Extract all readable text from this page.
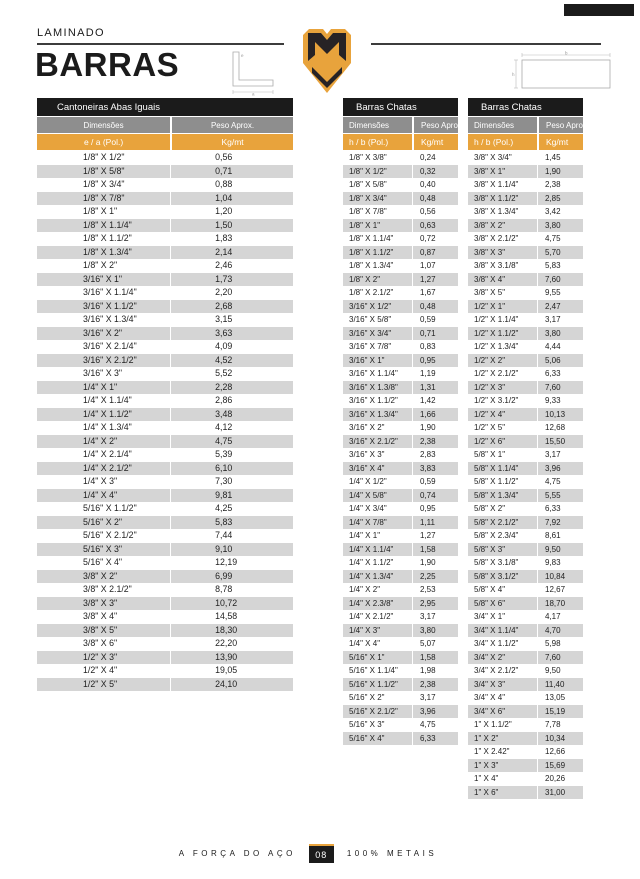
LAMINADO
BARRAS	e
a
b
h
Cantoneiras Abas Iguais
Dimensões	Peso Aprox.
e / a (Pol.)	Kg/mt
1/8" X 1/2"	0,56
1/8" X 5/8"	0,71
1/8" X 3/4"	0,88
1/8" X 7/8"	1,04
1/8" X 1"	1,20
1/8" X 1.1/4"	1,50
1/8" X 1.1/2"	1,83
1/8" X 1.3/4"	2,14
1/8" X 2"	2,46
3/16" X 1"	1,73
3/16" X 1.1/4"	2,20
3/16" X 1.1/2"	2,68
3/16" X 1.3/4"	3,15
3/16" X 2"	3,63
3/16" X 2.1/4"	4,09
3/16" X 2.1/2"	4,52
3/16" X 3"	5,52
1/4" X 1"	2,28
1/4" X 1.1/4"	2,86
1/4" X 1.1/2"	3,48
1/4" X 1.3/4"	4,12
1/4" X 2"	4,75
1/4" X 2.1/4"	5,39
1/4" X 2.1/2"	6,10
1/4" X 3"	7,30
1/4" X 4"	9,81
5/16" X 1.1/2"	4,25
5/16" X 2"	5,83
5/16" X 2.1/2"	7,44
5/16" X 3"	9,10
5/16" X 4"	12,19
3/8" X 2"	6,99
3/8" X 2.1/2"	8,78
3/8" X 3"	10,72
3/8" X 4"	14,58
3/8" X 5"	18,30
3/8" X 6"	22,20
1/2" X 3"	13,90
1/2" X 4"	19,05
1/2" X 5"	24,10
Barras Chatas
Dimensões	Peso Aprox.
h / b (Pol.)	Kg/mt
1/8" X 3/8"	0,24
1/8" X 1/2"	0,32
1/8" X 5/8"	0,40
1/8" X 3/4"	0,48
1/8" X 7/8"	0,56
1/8" X 1"	0,63
1/8" X 1.1/4"	0,72
1/8" X 1.1/2"	0,87
1/8" X 1.3/4"	1,07
1/8" X 2"	1,27
1/8" X 2.1/2"	1,67
3/16" X 1/2"	0,48
3/16" X 5/8"	0,59
3/16" X 3/4"	0,71
3/16" X 7/8"	0,83
3/16" X 1"	0,95
3/16" X 1.1/4"	1,19
3/16" X 1.3/8"	1,31
3/16" X 1.1/2"	1,42
3/16" X 1.3/4"	1,66
3/16" X 2"	1,90
3/16" X 2.1/2"	2,38
3/16" X 3"	2,83
3/16" X 4"	3,83
1/4" X 1/2"	0,59
1/4" X 5/8"	0,74
1/4" X 3/4"	0,95
1/4" X 7/8"	1,11
1/4" X 1"	1,27
1/4" X 1.1/4"	1,58
1/4" X 1.1/2"	1,90
1/4" X 1.3/4"	2,25
1/4" X 2"	2,53
1/4" X 2.3/8"	2,95
1/4" X 2.1/2"	3,17
1/4" X 3"	3,80
1/4" X 4"	5,07
5/16" X 1"	1,58
5/16" X 1.1/4"	1,98
5/16" X 1.1/2"	2,38
5/16" X 2"	3,17
5/16" X 2.1/2"	3,96
5/16" X 3"	4,75
5/16" X 4"	6,33
Barras Chatas
Dimensões	Peso Aprox.
h / b (Pol.)	Kg/mt
3/8" X 3/4"	1,45
3/8" X 1"	1,90
3/8" X 1.1/4"	2,38
3/8" X 1.1/2"	2,85
3/8" X 1.3/4"	3,42
3/8" X 2"	3,80
3/8" X 2.1/2"	4,75
3/8" X 3"	5,70
3/8" X 3.1/8"	5,83
3/8" X 4"	7,60
3/8" X 5"	9,55
1/2" X 1"	2,47
1/2" X 1.1/4"	3,17
1/2" X 1.1/2"	3,80
1/2" X 1.3/4"	4,44
1/2" X 2"	5,06
1/2" X 2.1/2"	6,33
1/2" X 3"	7,60
1/2" X 3.1/2"	9,33
1/2" X 4"	10,13
1/2" X 5"	12,68
1/2" X 6"	15,50
5/8" X 1"	3,17
5/8" X 1.1/4"	3,96
5/8" X 1.1/2"	4,75
5/8" X 1.3/4"	5,55
5/8" X 2"	6,33
5/8" X 2.1/2"	7,92
5/8" X 2.3/4"	8,61
5/8" X 3"	9,50
5/8" X 3.1/8"	9,83
5/8" X 3.1/2"	10,84
5/8" X 4"	12,67
5/8" X 6"	18,70
3/4" X 1"	4,17
3/4" X 1.1/4"	4,70
3/4" X 1.1/2"	5,98
3/4" X 2"	7,60
3/4" X 2.1/2"	9,50
3/4" X 3"	11,40
3/4" X 4"	13,05
3/4" X 6"	15,19
1" X 1.1/2"	7,78
1" X 2"	10,34
1" X 2.42"	12,66
1" X 3"	15,69
1" X 4"	20,26
1" X 6"	31,00
A FORÇA DO AÇO	08	100% METAIS
